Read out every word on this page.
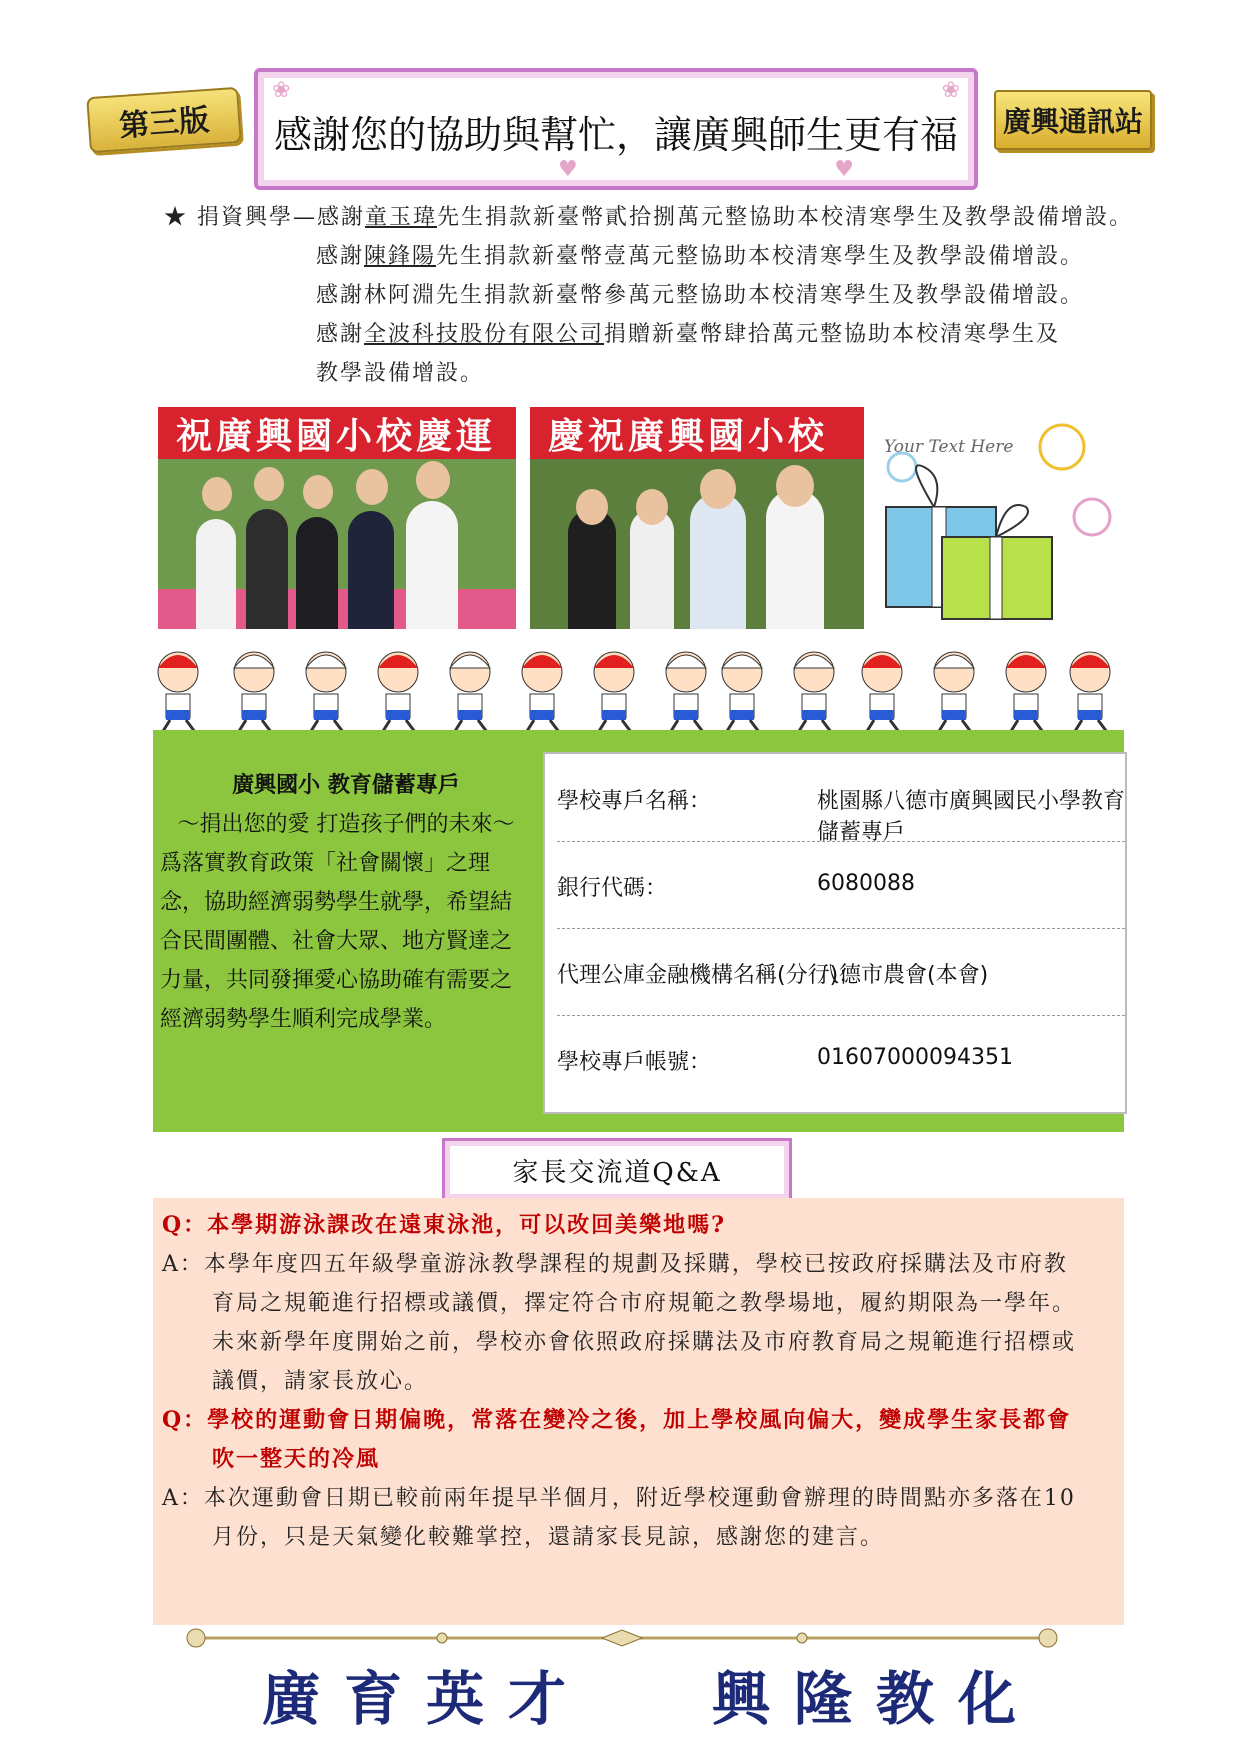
第三版
❀	❀
♥	♥
感謝您的協助與幫忙，讓廣興師生更有福	廣興通訊站
★ 捐資興學—感謝童玉瑋先生捐款新臺幣貳拾捌萬元整協助本校清寒學生及教學設備增設。
感謝陳鋒陽先生捐款新臺幣壹萬元整協助本校清寒學生及教學設備增設。
感謝林阿淵先生捐款新臺幣參萬元整協助本校清寒學生及教學設備增設。
感謝全波科技股份有限公司捐贈新臺幣肆拾萬元整協助本校清寒學生及
教學設備增設。
祝廣興國小校慶運 慶祝廣興國小校	Your Text Here
廣興國小 教育儲蓄專戶
～捐出您的愛 打造孩子們的未來～
爲落實教育政策「社會關懷」之理
念，協助經濟弱勢學生就學，希望結
合民間團體、社會大眾、地方賢達之
力量，共同發揮愛心協助確有需要之
經濟弱勢學生順利完成學業。
學校專戶名稱：	桃園縣八德市廣興國民小學教育儲蓄專戶
銀行代碼：	6080088
代理公庫金融機構名稱(分行)：
八德市農會(本會)
學校專戶帳號：	01607000094351
家長交流道Q&A
Q：本學期游泳課改在遠東泳池，可以改回美樂地嗎?
A：本學年度四五年級學童游泳教學課程的規劃及採購，學校已按政府採購法及市府教
育局之規範進行招標或議價，擇定符合市府規範之教學場地，履約期限為一學年。
未來新學年度開始之前，學校亦會依照政府採購法及市府教育局之規範進行招標或
議價，請家長放心。
Q：學校的運動會日期偏晚，常落在變冷之後，加上學校風向偏大，變成學生家長都會
吹一整天的冷風
A：本次運動會日期已較前兩年提早半個月，附近學校運動會辦理的時間點亦多落在10
月份，只是天氣變化較難掌控，還請家長見諒，感謝您的建言。
廣育英才 興隆教化
